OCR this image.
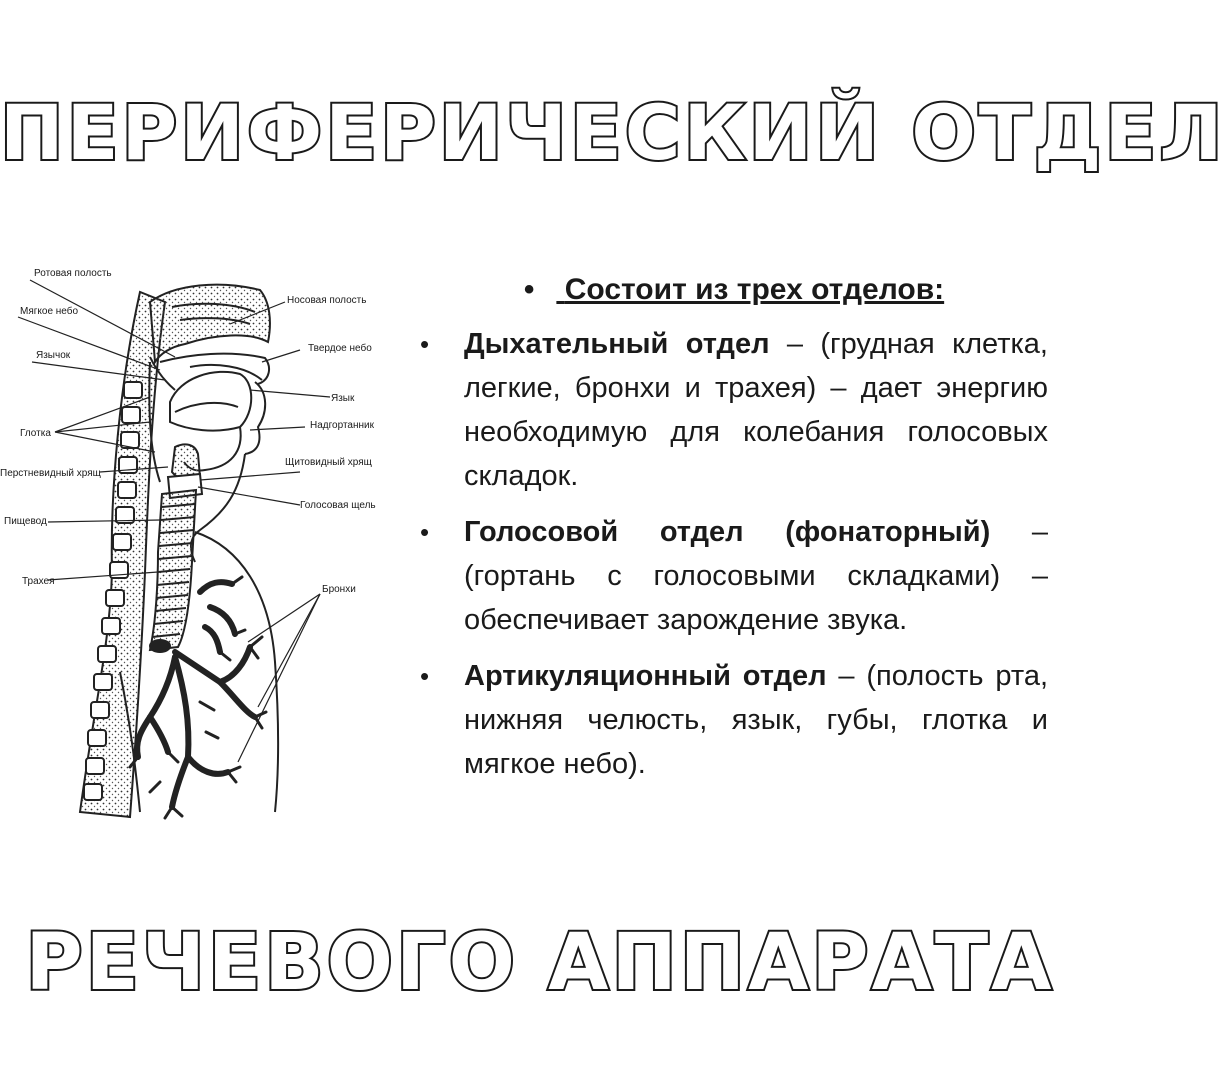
ПЕРИФЕРИЧЕСКИЙ ОТДЕЛ
Ротовая полость
Мягкое небо
Язычок
Глотка
Перстневидный хрящ
Пищевод
Трахея
Носовая полость
Твердое небо
Язык
Надгортанник
Щитовидный хрящ
Голосовая щель
Бронхи
• Состоит из трех отделов:
• Дыхательный отдел – (грудная клетка, легкие, бронхи и трахея) – дает энергию необходимую для колебания голосовых складок.
• Голосовой отдел (фонаторный) – (гортань с голосовыми складками) – обеспечивает зарождение звука.
• Артикуляционный отдел – (полость рта, нижняя челюсть, язык, губы, глотка и мягкое небо).
РЕЧЕВОГО АППАРАТА
